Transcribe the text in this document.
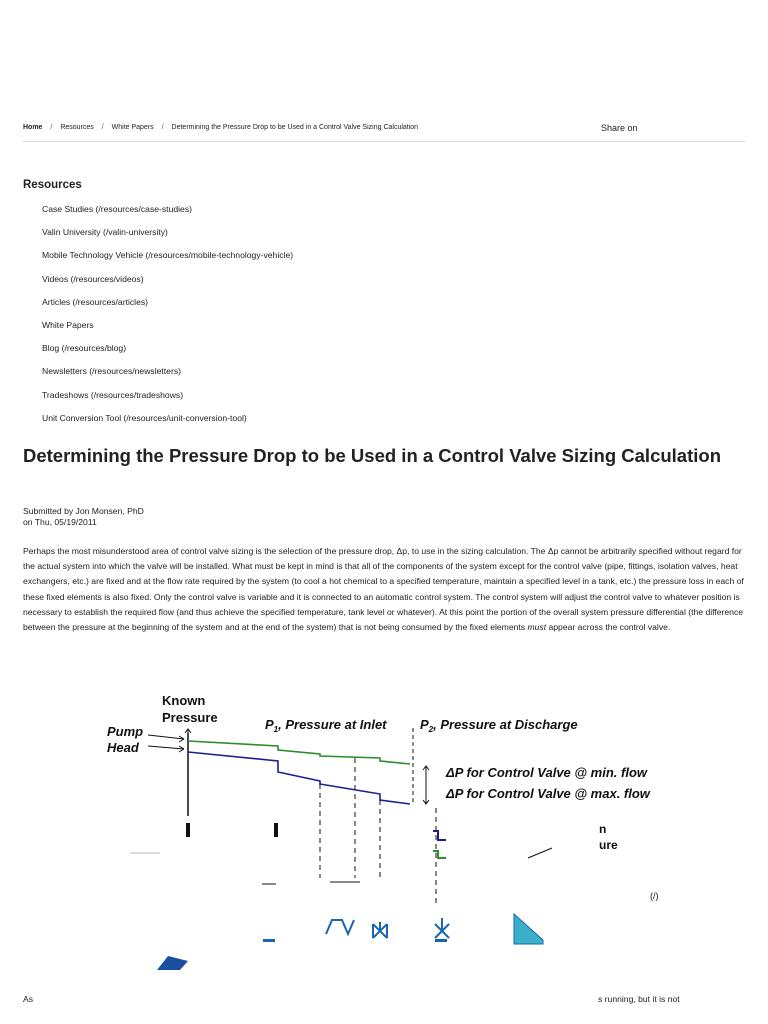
Home / Resources / White Papers / Determining the Pressure Drop to be Used in a Control Valve Sizing Calculation	Share on
Resources
Case Studies (/resources/case-studies)
Valin University (/valin-university)
Mobile Technology Vehicle (/resources/mobile-technology-vehicle)
Videos (/resources/videos)
Articles (/resources/articles)
White Papers
Blog (/resources/blog)
Newsletters (/resources/newsletters)
Tradeshows (/resources/tradeshows)
Unit Conversion Tool (/resources/unit-conversion-tool)
Determining the Pressure Drop to be Used in a Control Valve Sizing Calculation
Submitted by Jon Monsen, PhD
on Thu, 05/19/2011

Perhaps the most misunderstood area of control valve sizing is the selection of the pressure drop, Δp, to use in the sizing calculation. The Δp cannot be arbitrarily specified without regard for the actual system into which the valve will be installed. What must be kept in mind is that all of the components of the system except for the control valve (pipe, fittings, isolation valves, heat exchangers, etc.) are fixed and at the flow rate required by the system (to cool a hot chemical to a specified temperature, maintain a specified level in a tank, etc.) the pressure loss in each of these fixed elements is also fixed. Only the control valve is variable and it is connected to an automatic control system. The control system will adjust the control valve to whatever position is necessary to establish the required flow (and thus achieve the specified temperature, tank level or whatever). At this point the portion of the overall system pressure differential (the difference between the pressure at the beginning of the system and at the end of the system) that is not being consumed by the fixed elements must appear across the control valve.

Known
Pressure
Pump
Head
$P_1$, Pressure at Inlet	$P_2$, Pressure at Discharge
ΔP for Control Valve @ min. flow
ΔP for Control Valve @ max. flow
n
ure
(/)
As	s running, but it is not
